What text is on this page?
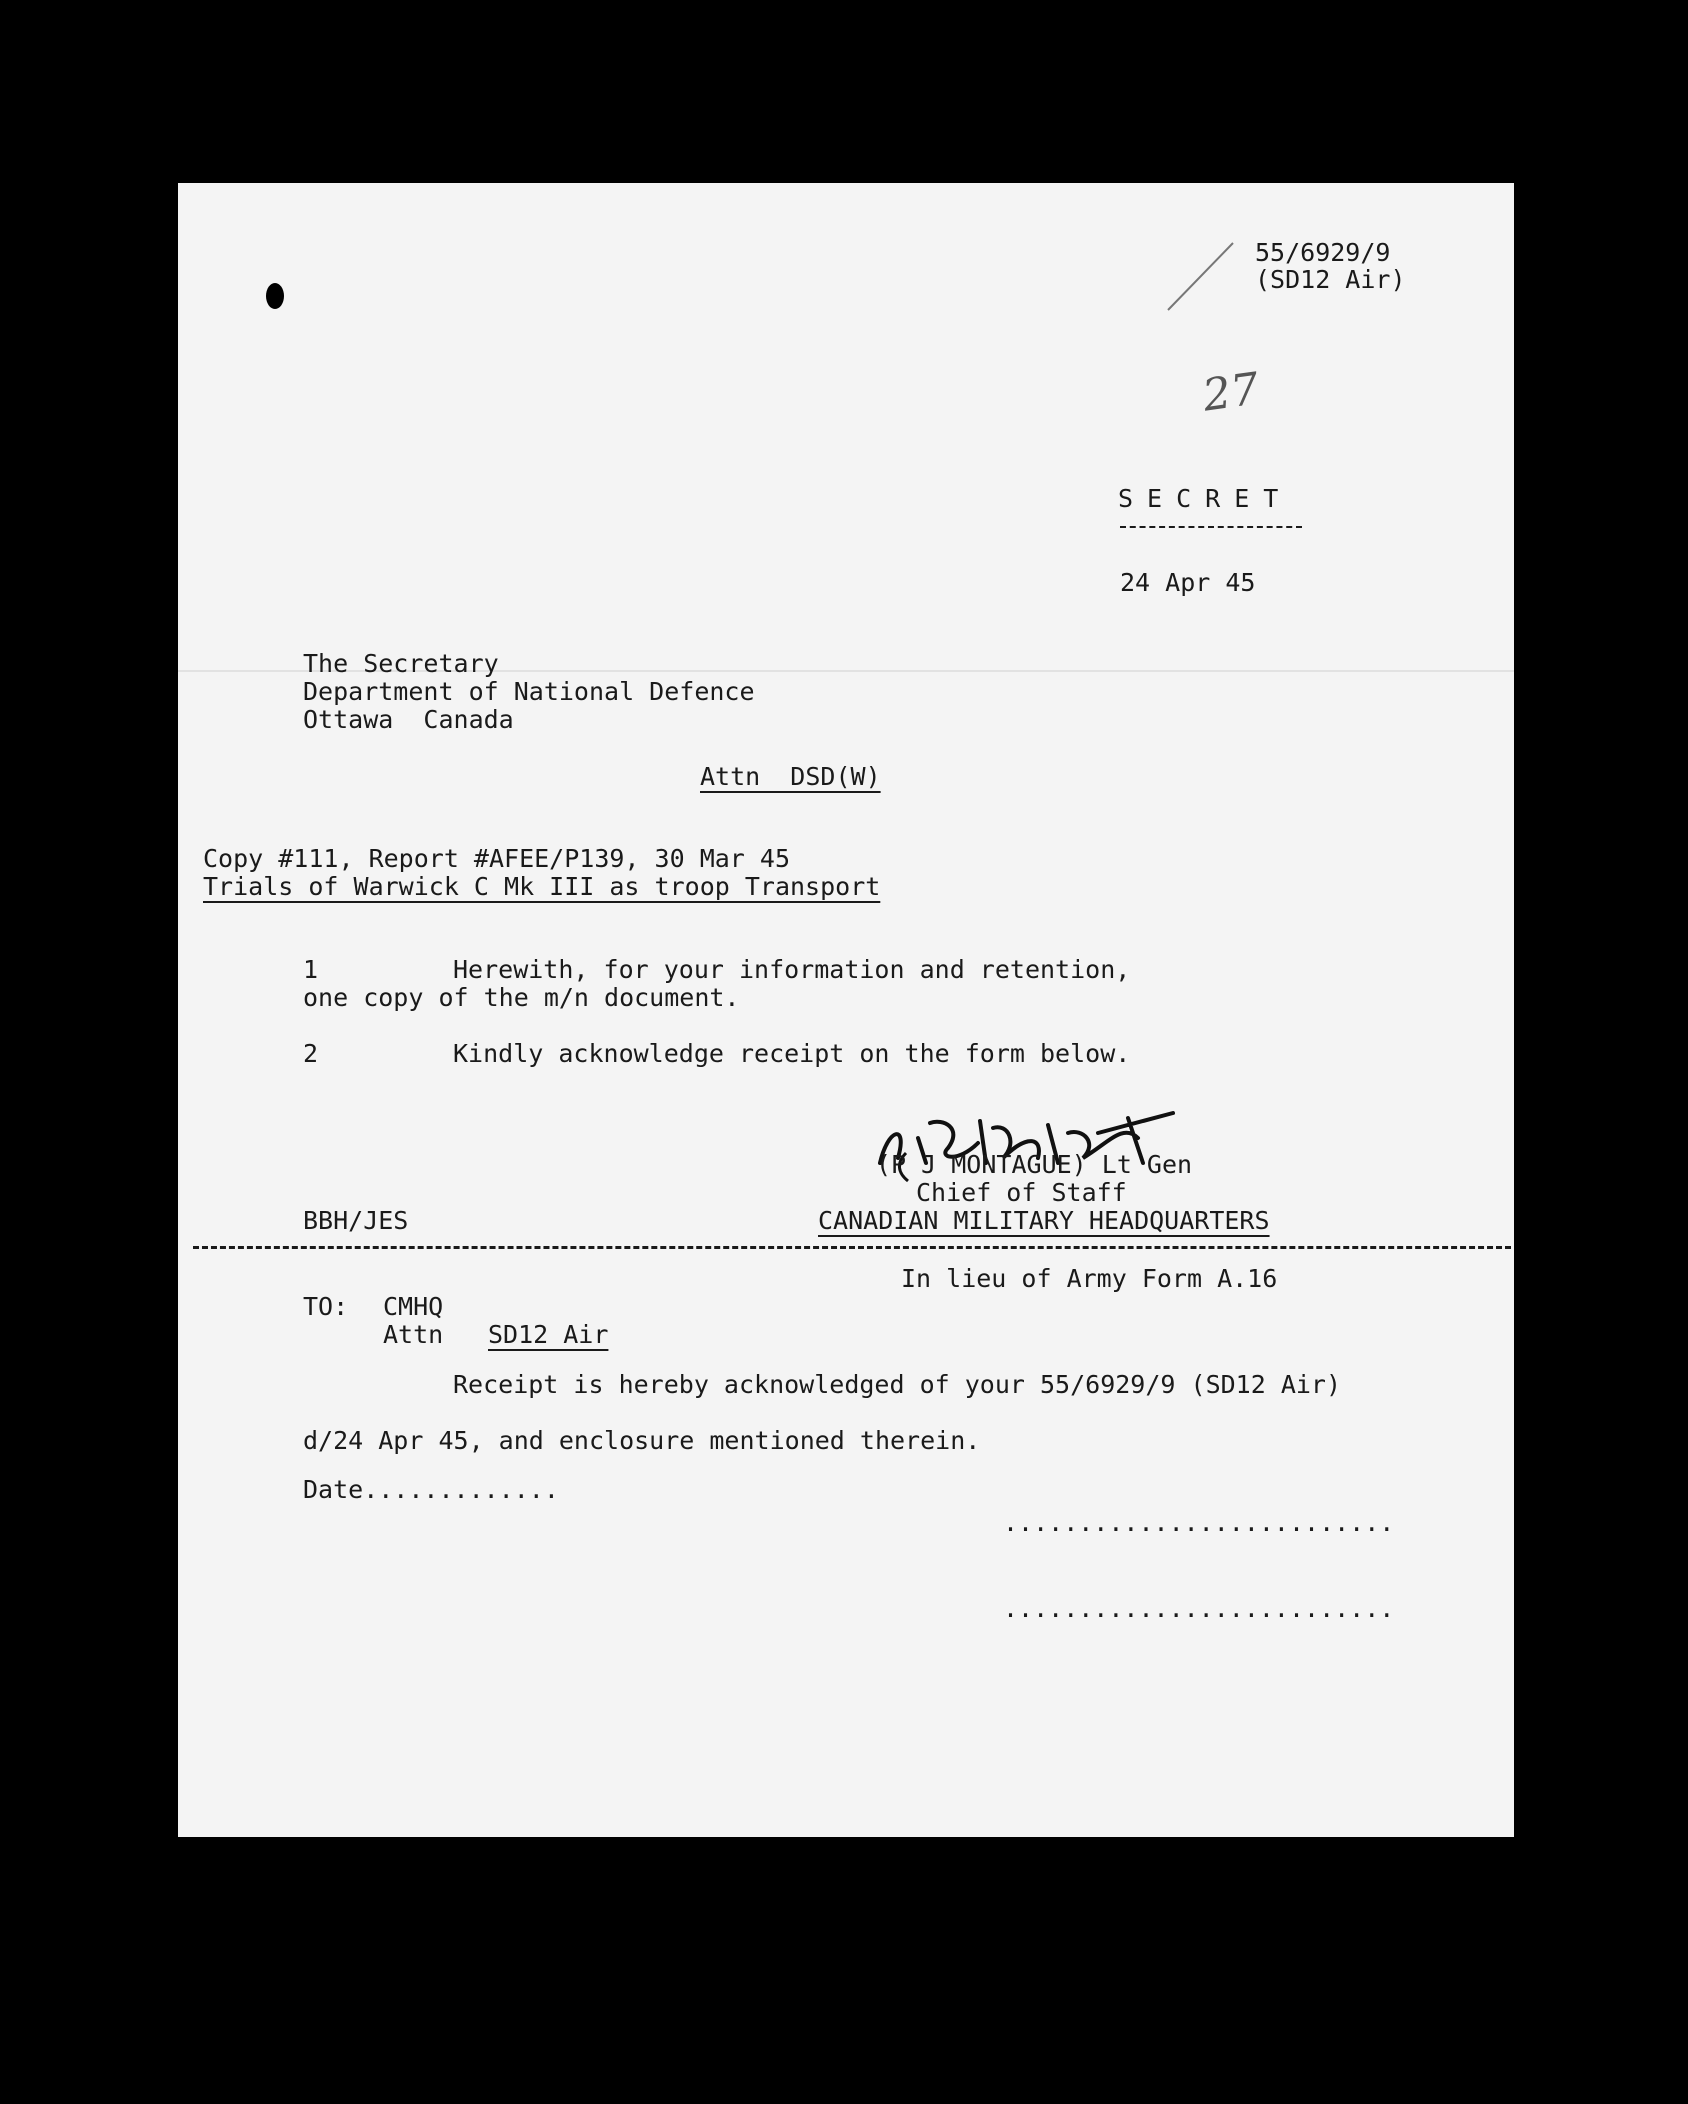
55/6929/9
(SD12 Air)
27
SECRET
24 Apr 45
The Secretary
Department of National Defence
Ottawa  Canada
Attn  DSD(W)
Copy #111, Report #AFEE/P139, 30 Mar 45
Trials of Warwick C Mk III as troop Transport
1	Herewith, for your information and retention,
one copy of the m/n document.
2	Kindly acknowledge receipt on the form below.
(P J MONTAGUE) Lt Gen
Chief of Staff
CANADIAN MILITARY HEADQUARTERS
BBH/JES
In lieu of Army Form A.16
TO: CMHQ
Attn SD12 Air
Receipt is hereby acknowledged of your 55/6929/9 (SD12 Air)
d/24 Apr 45, and enclosure mentioned therein.
Date.............
..........................
..........................
